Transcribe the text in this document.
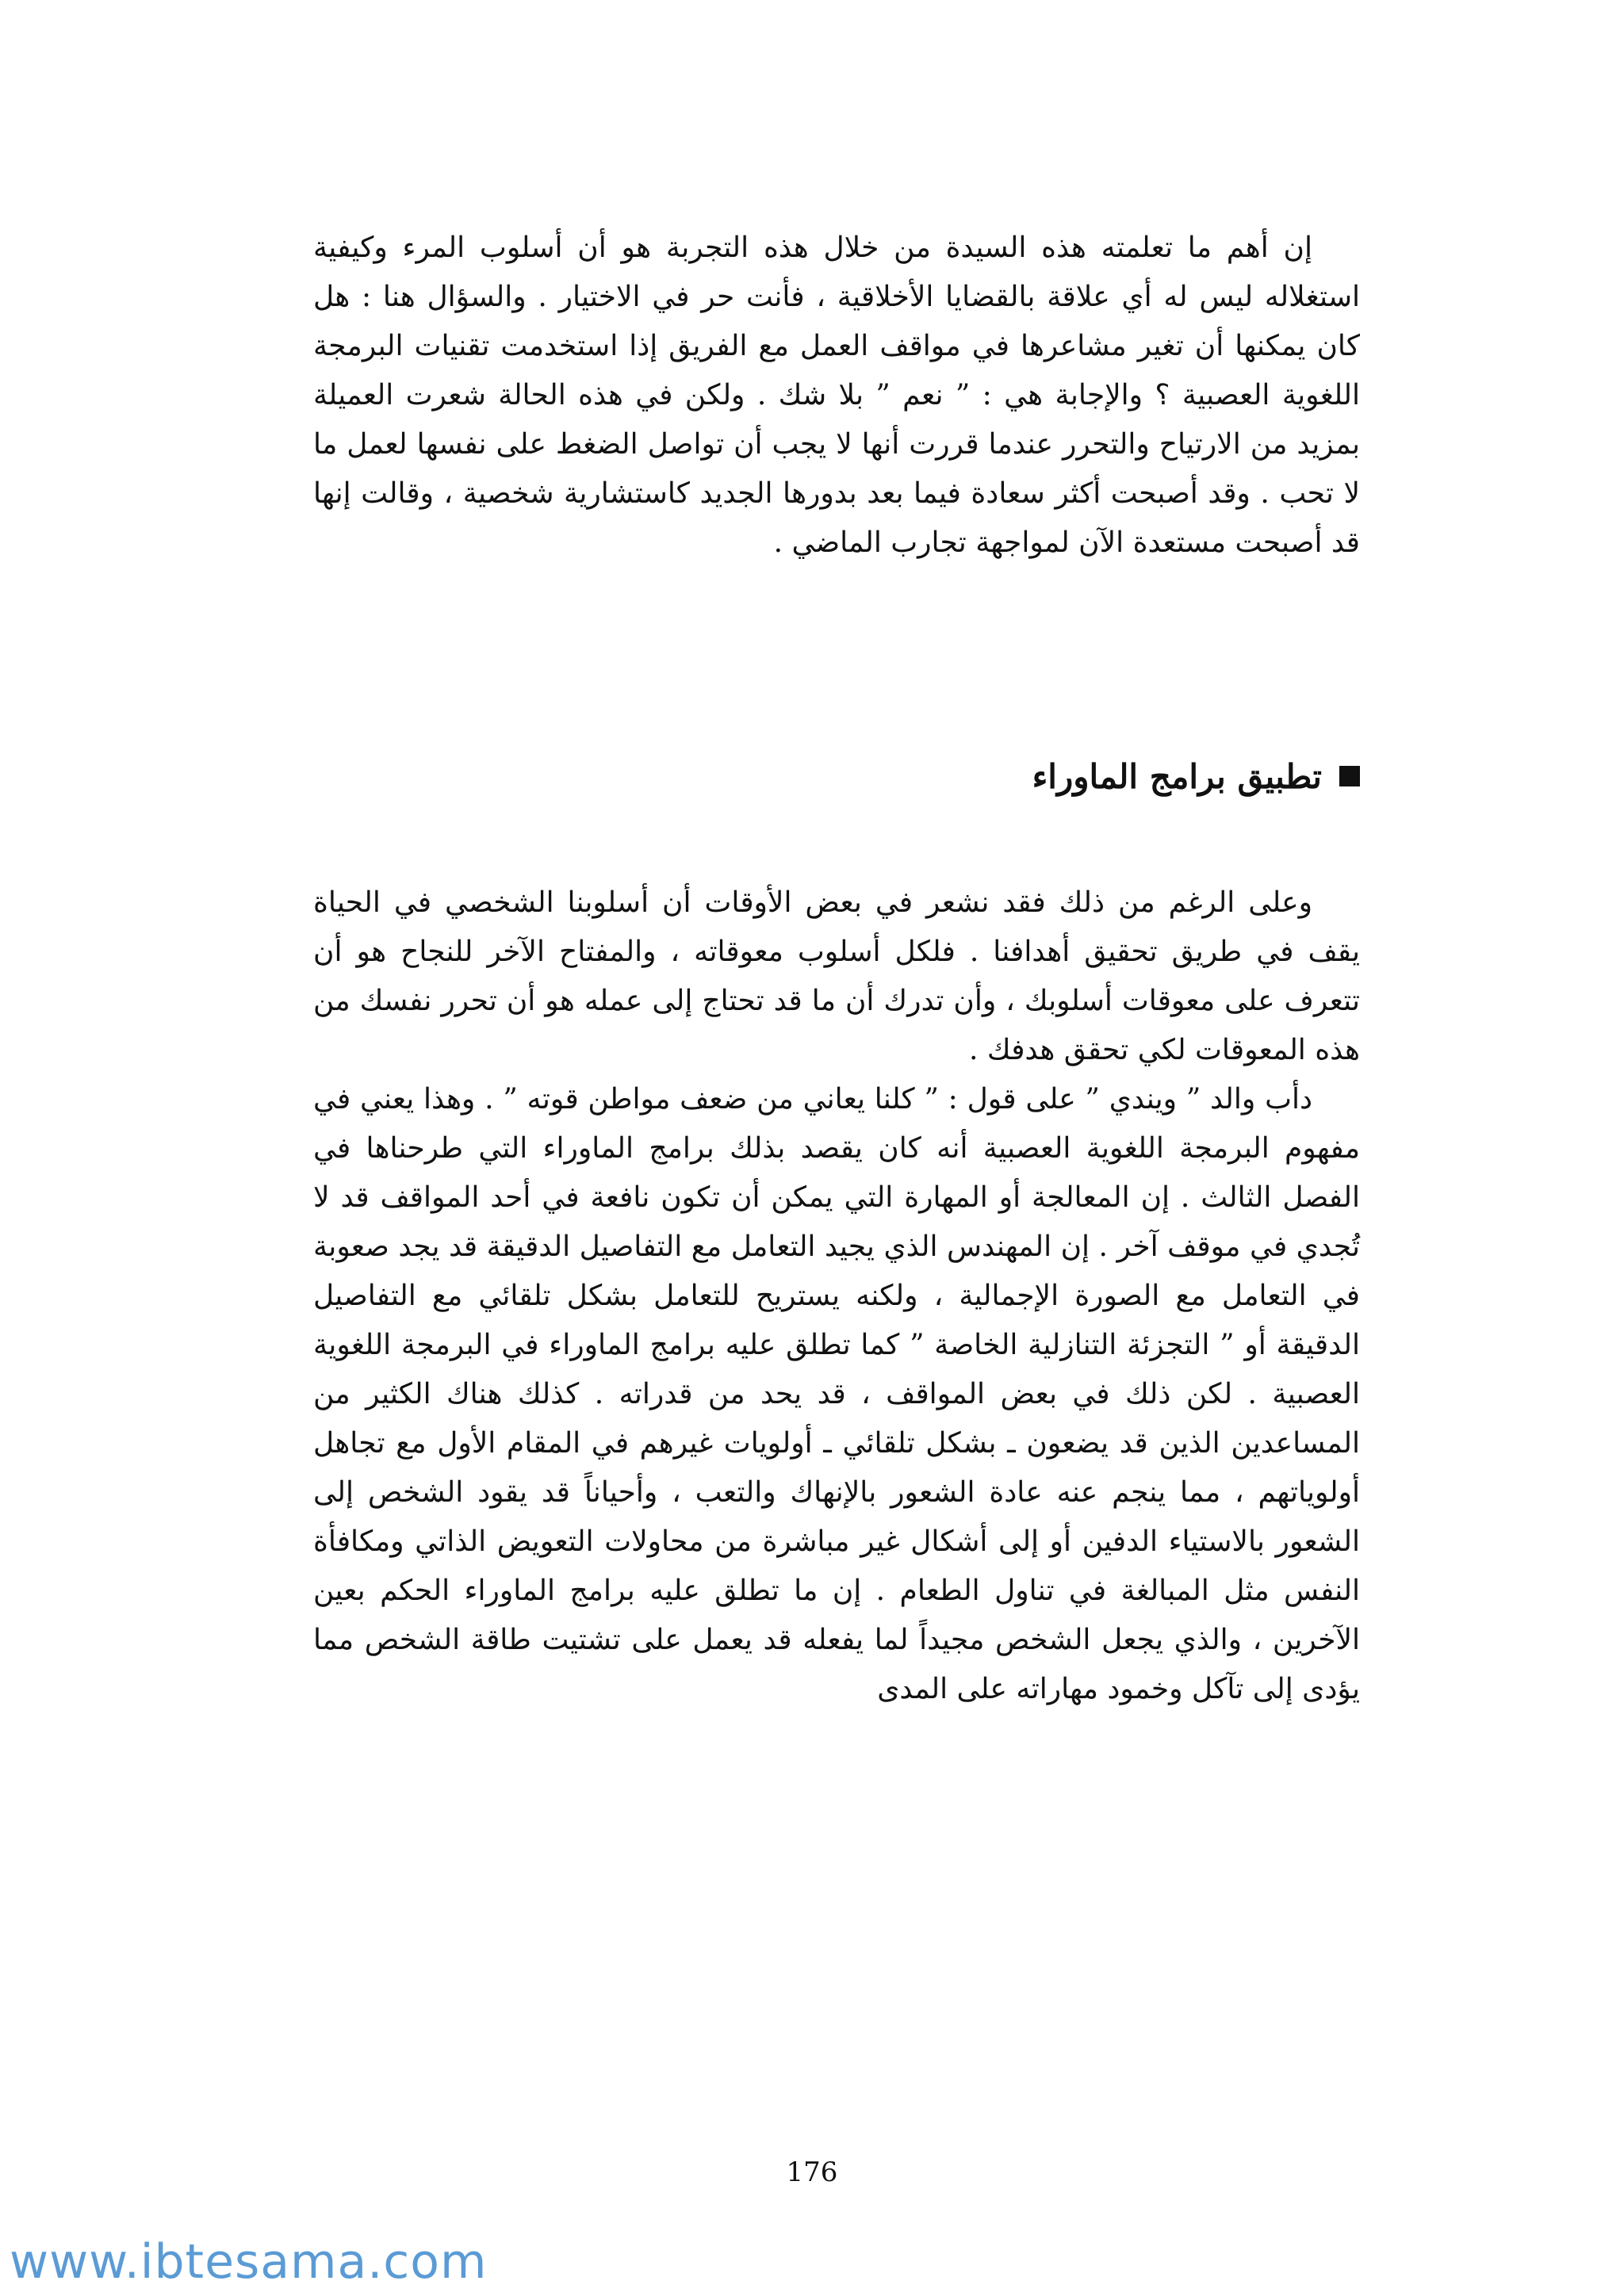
إن أهم ما تعلمته هذه السيدة من خلال هذه التجربة هو أن أسلوب المرء وكيفية استغلاله ليس له أي علاقة بالقضايا الأخلاقية ، فأنت حر في الاختيار . والسؤال هنا : هل كان يمكنها أن تغير مشاعرها في مواقف العمل مع الفريق إذا استخدمت تقنيات البرمجة اللغوية العصبية ؟ والإجابة هي : ” نعم ” بلا شك . ولكن في هذه الحالة شعرت العميلة بمزيد من الارتياح والتحرر عندما قررت أنها لا يجب أن تواصل الضغط على نفسها لعمل ما لا تحب . وقد أصبحت أكثر سعادة فيما بعد بدورها الجديد كاستشارية شخصية ، وقالت إنها قد أصبحت مستعدة الآن لمواجهة تجارب الماضي .

تطبيق برامج الماوراء

وعلى الرغم من ذلك فقد نشعر في بعض الأوقات أن أسلوبنا الشخصي في الحياة يقف في طريق تحقيق أهدافنا . فلكل أسلوب معوقاته ، والمفتاح الآخر للنجاح هو أن تتعرف على معوقات أسلوبك ، وأن تدرك أن ما قد تحتاج إلى عمله هو أن تحرر نفسك من هذه المعوقات لكي تحقق هدفك .

دأب والد ” ويندي ” على قول : ” كلنا يعاني من ضعف مواطن قوته ” . وهذا يعني في مفهوم البرمجة اللغوية العصبية أنه كان يقصد بذلك برامج الماوراء التي طرحناها في الفصل الثالث . إن المعالجة أو المهارة التي يمكن أن تكون نافعة في أحد المواقف قد لا تُجدي في موقف آخر . إن المهندس الذي يجيد التعامل مع التفاصيل الدقيقة قد يجد صعوبة في التعامل مع الصورة الإجمالية ، ولكنه يستريح للتعامل بشكل تلقائي مع التفاصيل الدقيقة أو ” التجزئة التنازلية الخاصة ” كما تطلق عليه برامج الماوراء في البرمجة اللغوية العصبية . لكن ذلك في بعض المواقف ، قد يحد من قدراته . كذلك هناك الكثير من المساعدين الذين قد يضعون ـ بشكل تلقائي ـ أولويات غيرهم في المقام الأول مع تجاهل أولوياتهم ، مما ينجم عنه عادة الشعور بالإنهاك والتعب ، وأحياناً قد يقود الشخص إلى الشعور بالاستياء الدفين أو إلى أشكال غير مباشرة من محاولات التعويض الذاتي ومكافأة النفس مثل المبالغة في تناول الطعام . إن ما تطلق عليه برامج الماوراء الحكم بعين الآخرين ، والذي يجعل الشخص مجيداً لما يفعله قد يعمل على تشتيت طاقة الشخص مما يؤدى إلى تآكل وخمود مهاراته على المدى

176
www.ibtesama.com
